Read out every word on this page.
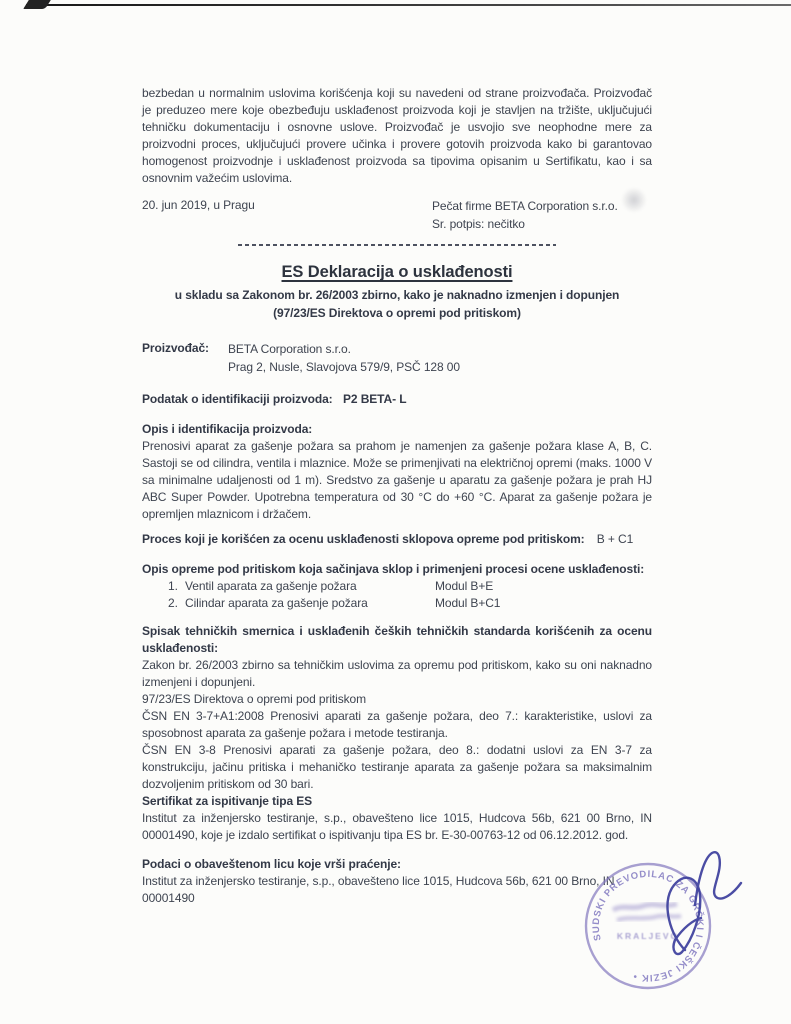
bezbedan u normalnim uslovima korišćenja koji su navedeni od strane proizvođača. Proizvođač je preduzeo mere koje obezbeđuju usklađenost proizvoda koji je stavljen na tržište, uključujući tehničku dokumentaciju i osnovne uslove. Proizvođač je usvojio sve neophodne mere za proizvodni proces, uključujući provere učinka i provere gotovih proizvoda kako bi garantovao homogenost proizvodnje i usklađenost proizvoda sa tipovima opisanim u Sertifikatu, kao i sa osnovnim važećim uslovima.

20. jun 2019, u Pragu	Pečat firme BETA Corporation s.r.o.
Sr. potpis: nečitko
ES Deklaracija o usklađenosti
u skladu sa Zakonom br. 26/2003 zbirno, kako je naknadno izmenjen i dopunjen
(97/23/ES Direktova o opremi pod pritiskom)
Proizvođač:	BETA Corporation s.r.o.
Prag 2, Nusle, Slavojova 579/9, PSČ 128 00
Podatak o identifikaciji proizvoda: P2 BETA- L
Opis i identifikacija proizvoda:

Prenosivi aparat za gašenje požara sa prahom je namenjen za gašenje požara klase A, B, C. Sastoji se od cilindra, ventila i mlaznice. Može se primenjivati na električnoj opremi (maks. 1000 V sa minimalne udaljenosti od 1 m). Sredstvo za gašenje u aparatu za gašenje požara je prah HJ ABC Super Powder. Upotrebna temperatura od 30 °C do +60 °C. Aparat za gašenje požara je opremljen mlaznicom i držačem.

Proces koji je korišćen za ocenu usklađenosti sklopova opreme pod pritiskom: B + C1
Opis opreme pod pritiskom koja sačinjava sklop i primenjeni procesi ocene usklađenosti:
1. Ventil aparata za gašenje požara	Modul B+E
2. Cilindar aparata za gašenje požara	Modul B+C1
Spisak tehničkih smernica i usklađenih čeških tehničkih standarda korišćenih za ocenu usklađenosti:

Zakon br. 26/2003 zbirno sa tehničkim uslovima za opremu pod pritiskom, kako su oni naknadno izmenjeni i dopunjeni.

97/23/ES Direktova o opremi pod pritiskom

ČSN EN 3-7+A1:2008 Prenosivi aparati za gašenje požara, deo 7.: karakteristike, uslovi za sposobnost aparata za gašenje požara i metode testiranja.

ČSN EN 3-8 Prenosivi aparati za gašenje požara, deo 8.: dodatni uslovi za EN 3-7 za konstrukciju, jačinu pritiska i mehaničko testiranje aparata za gašenje požara sa maksimalnim dozvoljenim pritiskom od 30 bari.

Sertifikat za ispitivanje tipa ES

Institut za inženjersko testiranje, s.p., obavešteno lice 1015, Hudcova 56b, 621 00 Brno, IN 00001490, koje je izdalo sertifikat o ispitivanju tipa ES br. E-30-00763-12 od 06.12.2012. god.

Podaci o obaveštenom licu koje vrši praćenje:

Institut za inženjersko testiranje, s.p., obavešteno lice 1015, Hudcova 56b, 621 00 Brno, IN 00001490

SUDSKI PREVODILAC ZA GRČKI I ČEŠKI JEZIK •
KRALJEVO
